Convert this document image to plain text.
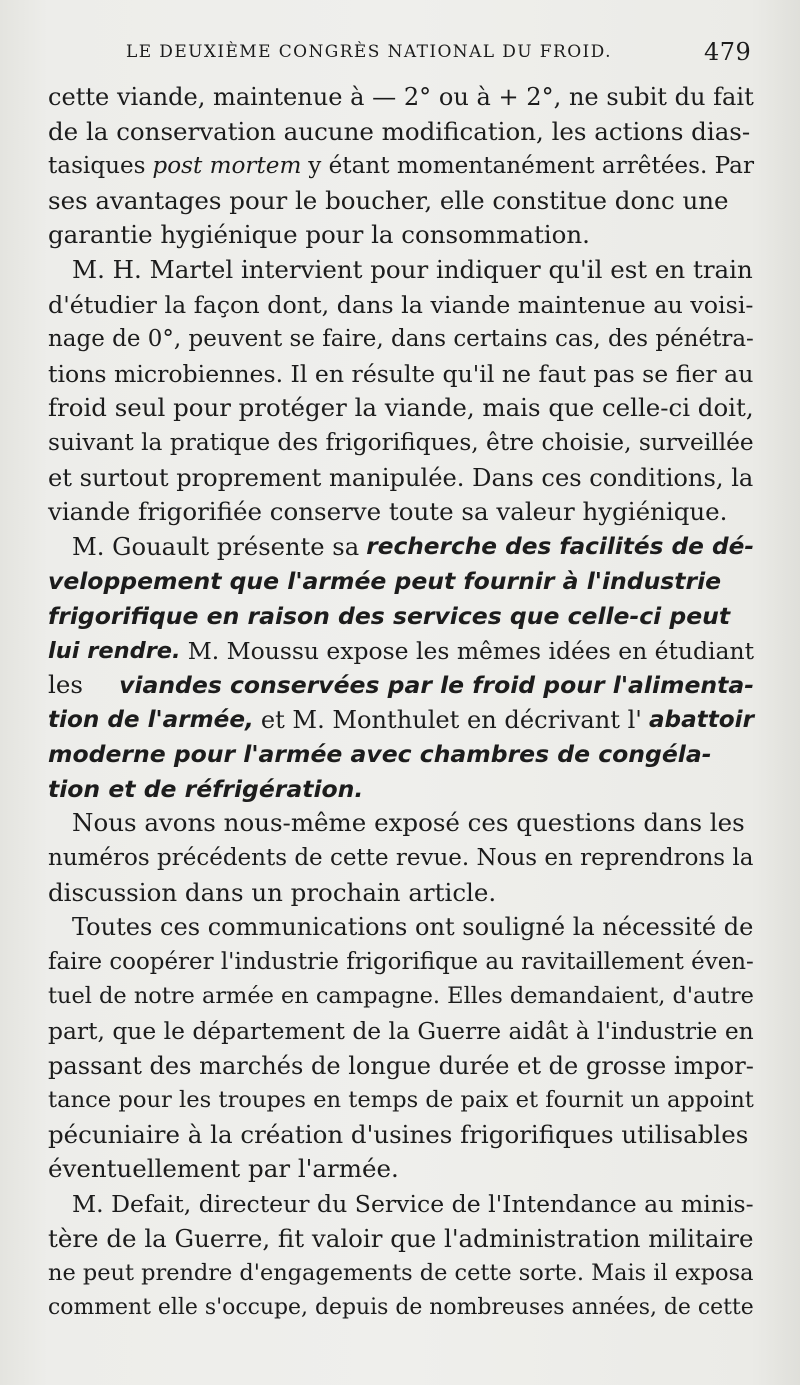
LE DEUXIÈME CONGRÈS NATIONAL DU FROID.	479
cette viande, maintenue à — 2° ou à + 2°, ne subit du fait
de la conservation aucune modification, les actions dias-
tasiques post mortem y étant momentanément arrêtées. Par
ses avantages pour le boucher, elle constitue donc une
garantie hygiénique pour la consommation.
M. H. Martel intervient pour indiquer qu'il est en train
d'étudier la façon dont, dans la viande maintenue au voisi-
nage de 0°, peuvent se faire, dans certains cas, des pénétra-
tions microbiennes. Il en résulte qu'il ne faut pas se fier au
froid seul pour protéger la viande, mais que celle-ci doit,
suivant la pratique des frigorifiques, être choisie, surveillée
et surtout proprement manipulée. Dans ces conditions, la
viande frigorifiée conserve toute sa valeur hygiénique.
M. Gouault présente sa recherche des facilités de dé-
veloppement que l'armée peut fournir à l'industrie
frigorifique en raison des services que celle-ci peut
lui rendre. M. Moussu expose les mêmes idées en étudiant
les viandes conservées par le froid pour l'alimenta-
tion de l'armée, et M. Monthulet en décrivant l' abattoir
moderne pour l'armée avec chambres de congéla-
tion et de réfrigération.
Nous avons nous-même exposé ces questions dans les
numéros précédents de cette revue. Nous en reprendrons la
discussion dans un prochain article.
Toutes ces communications ont souligné la nécessité de
faire coopérer l'industrie frigorifique au ravitaillement éven-
tuel de notre armée en campagne. Elles demandaient, d'autre
part, que le département de la Guerre aidât à l'industrie en
passant des marchés de longue durée et de grosse impor-
tance pour les troupes en temps de paix et fournit un appoint
pécuniaire à la création d'usines frigorifiques utilisables
éventuellement par l'armée.
M. Defait, directeur du Service de l'Intendance au minis-
tère de la Guerre, fit valoir que l'administration militaire
ne peut prendre d'engagements de cette sorte. Mais il exposa
comment elle s'occupe, depuis de nombreuses années, de cette
